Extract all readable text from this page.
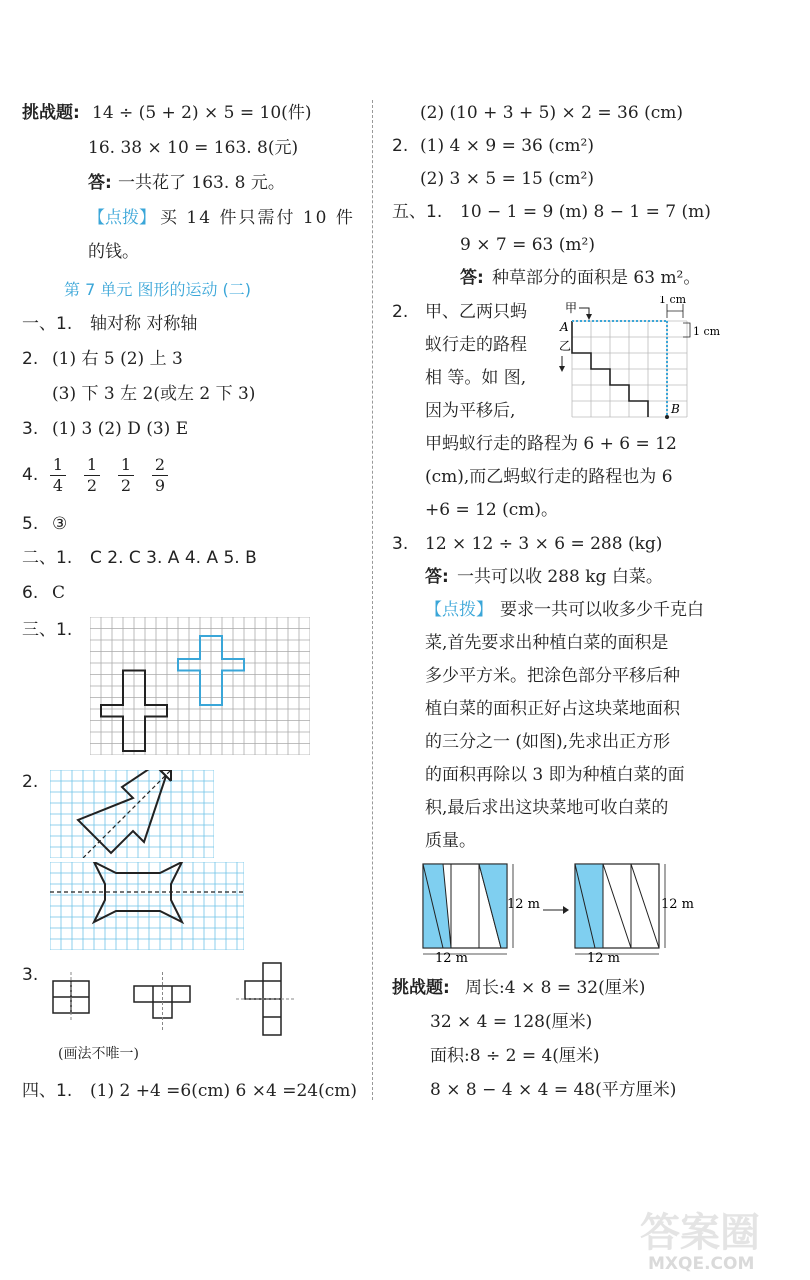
挑战题: 14 ÷ (5 + 2) × 5 = 10(件)
16. 38 × 10 = 163. 8(元)
答: 一共花了 163. 8 元。
【点拨】 买 14 件只需付 10 件
的钱。
第 7 单元 图形的运动 (二)
一、1. 轴对称 对称轴
2. (1) 右 5 (2) 上 3
(3) 下 3 左 2(或左 2 下 3)
3. (1) 3 (2) D (3) E
4. $\frac{1}{4} \frac{1}{2} \frac{1}{2} \frac{2}{9}$
5. ③
二、1. C 2. C 3. A 4. A 5. B
6. C
三、1.
2.
3.
(画法不唯一)
四、1. (1) 2 +4 =6(cm) 6 ×4 =24(cm)
(2) (10 + 3 + 5) × 2 = 36 (cm)
2. (1) 4 × 9 = 36 (cm²)
(2) 3 × 5 = 15 (cm²)
五、1. 10 − 1 = 9 (m) 8 − 1 = 7 (m)
9 × 7 = 63 (m²)
答: 种草部分的面积是 63 m²。
2. 甲、乙两只蚂
蚁行走的路程
相 等。如 图,
因为平移后,
甲
乙
A
B
1 cm
1 cm
甲蚂蚁行走的路程为 6 + 6 = 12
(cm),而乙蚂蚁行走的路程也为 6
+6 = 12 (cm)。
3. 12 × 12 ÷ 3 × 6 = 288 (kg)
答: 一共可以收 288 kg 白菜。
【点拨】 要求一共可以收多少千克白
菜,首先要求出种植白菜的面积是
多少平方米。把涂色部分平移后种
植白菜的面积正好占这块菜地面积
的三分之一 (如图),先求出正方形
的面积再除以 3 即为种植白菜的面
积,最后求出这块菜地可收白菜的
质量。
12 m
12 m
12 m
12 m
挑战题: 周长:4 × 8 = 32(厘米)
32 × 4 = 128(厘米)
面积:8 ÷ 2 = 4(厘米)
8 × 8 − 4 × 4 = 48(平方厘米)
答案圈
MXQE.COM
